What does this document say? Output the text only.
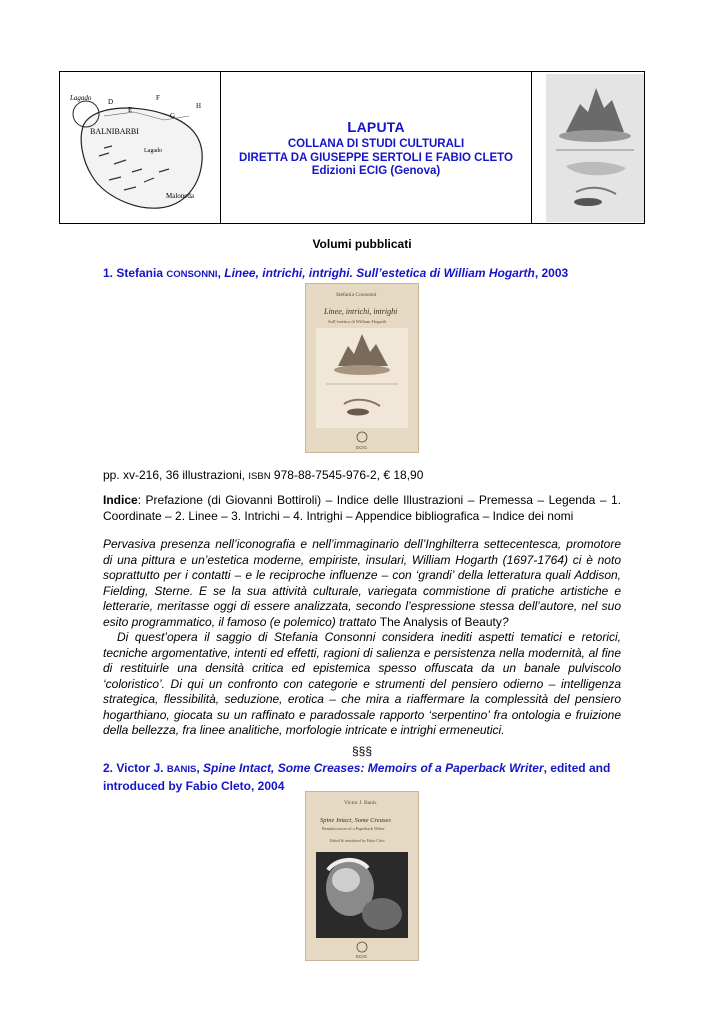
Lagado D
E
F
G
H
BALNIBARBI
Lagado
Maloneda
LAPUTA
COLLANA DI STUDI CULTURALI
DIRETTA DA GIUSEPPE SERTOLI E FABIO CLETO
Edizioni ECIG (Genova)
Volumi pubblicati
1. Stefania CONSONNI, Linee, intrichi, intrighi. Sull’estetica di William Hogarth, 2003
Stefania Consonni
Linee, intrichi, intrighi
Sull’estetica di William Hogarth
ECIG
pp. xv-216, 36 illustrazioni, ISBN 978-88-7545-976-2, € 18,90
Indice: Prefazione (di Giovanni Bottiroli) – Indice delle Illustrazioni – Premessa – Legenda – 1. Coordinate – 2. Linee – 3. Intrichi – 4. Intrighi – Appendice bibliografica – Indice dei nomi
Pervasiva presenza nell’iconografia e nell’immaginario dell’Inghilterra settecentesca, promotore di una pittura e un’estetica moderne, empiriste, insulari, William Hogarth (1697-1764) ci è noto soprattutto per i contatti – e le reciproche influenze – con ‘grandi’ della letteratura quali Addison, Fielding, Sterne. E se la sua attività culturale, variegata commistione di pratiche artistiche e letterarie, meritasse oggi di essere analizzata, secondo l’espressione stessa dell’autore, nel suo esito programmatico, il famoso (e polemico) trattato The Analysis of Beauty?
Di quest’opera il saggio di Stefania Consonni considera inediti aspetti tematici e retorici, tecniche argomentative, intenti ed effetti, ragioni di salienza e persistenza nella modernità, al fine di restituirle una densità critica ed epistemica spesso offuscata da un banale pulviscolo ‘coloristico’. Di qui un confronto con categorie e strumenti del pensiero odierno – intelligenza strategica, flessibilità, seduzione, erotica – che mira a riaffermare la complessità del pensiero hogarthiano, giocata su un raffinato e paradossale rapporto ‘serpentino’ fra ontologia e fruizione della bellezza, fra linee analitiche, morfologie intricate e intrighi ermeneutici.
§§§
2. Victor J. BANIS, Spine Intact, Some Creases: Memoirs of a Paperback Writer, edited and introduced by Fabio Cleto, 2004
Victor J. Banis
Spine Intact, Some Creases
Reminiscences of a Paperback Writer
Edited & introduced by Fabio Cleto
ECIG
